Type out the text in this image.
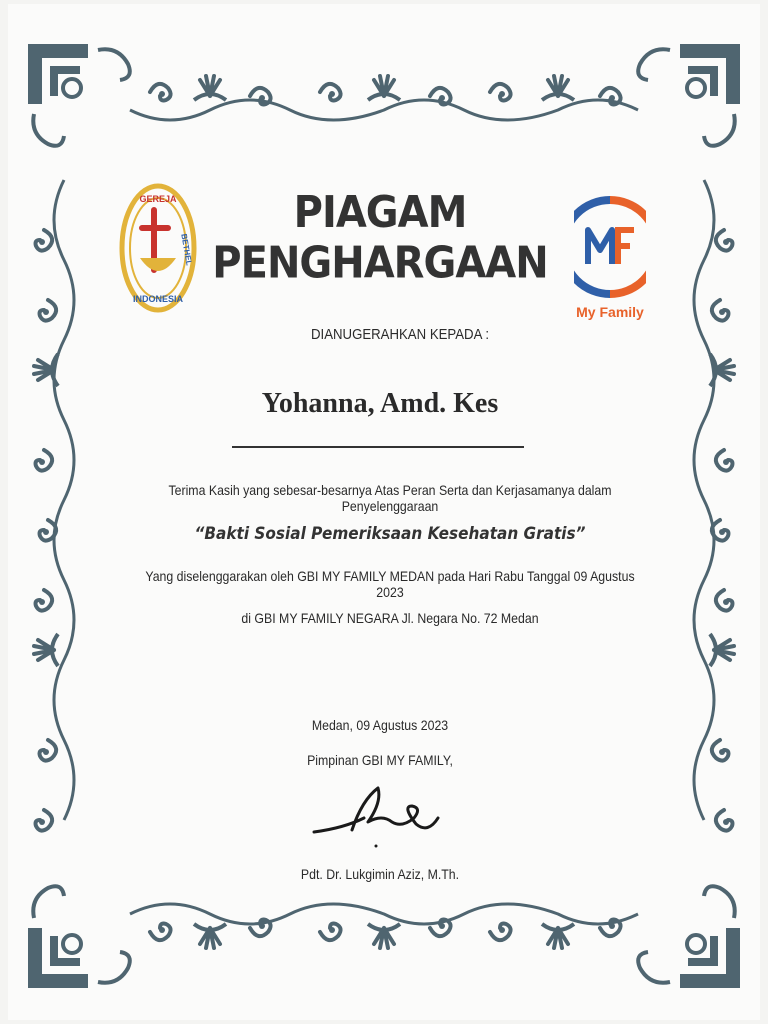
GEREJA
INDONESIA
BETHEL
My Family
PIAGAM PENGHARGAAN
DIANUGERAHKAN KEPADA :
Yohanna, Amd. Kes
Terima Kasih yang sebesar-besarnya Atas Peran Serta dan Kerjasamanya dalam Penyelenggaraan
“Bakti Sosial Pemeriksaan Kesehatan Gratis”
Yang diselenggarakan oleh GBI MY FAMILY MEDAN pada Hari Rabu Tanggal 09 Agustus 2023
di GBI MY FAMILY NEGARA Jl. Negara No. 72 Medan
Medan, 09 Agustus 2023
Pimpinan GBI MY FAMILY,
Pdt. Dr. Lukgimin Aziz, M.Th.
